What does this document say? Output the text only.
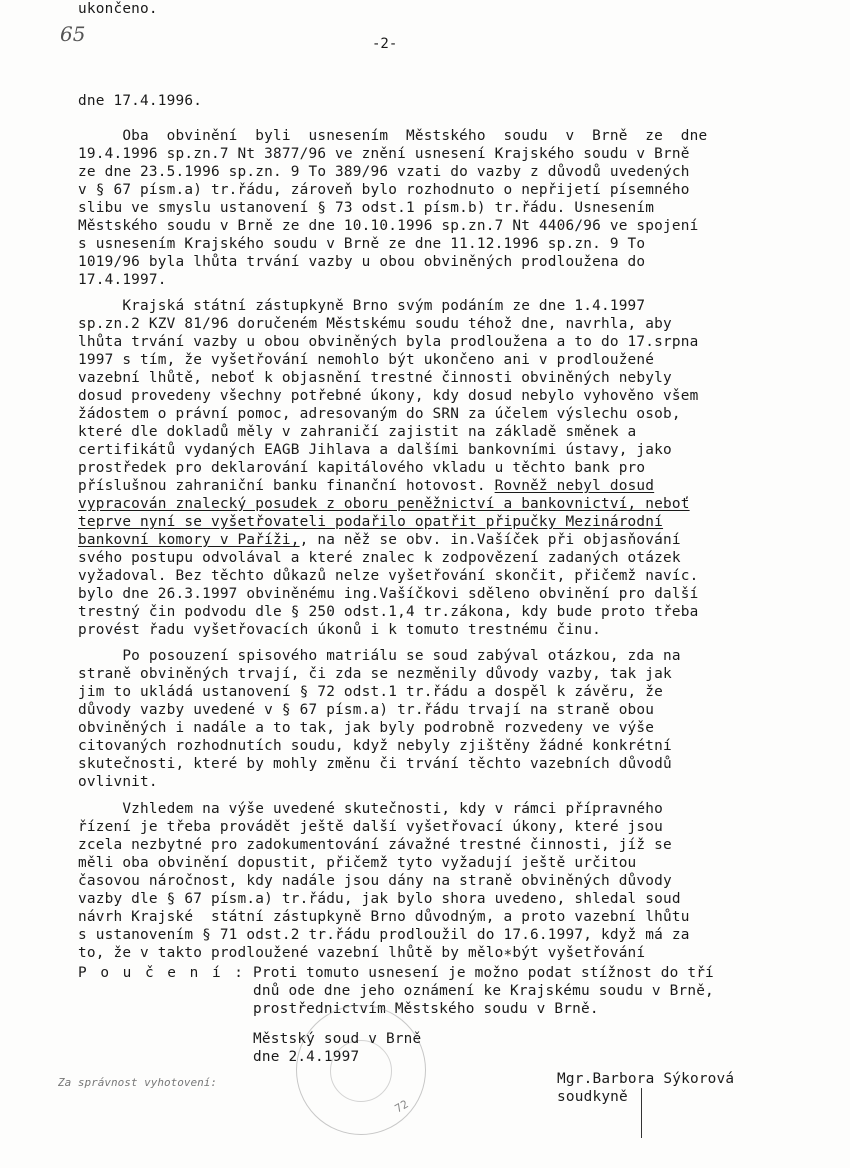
65	-2-
dne 17.4.1996.
Oba  obvinění  byli  usnesením  Městského  soudu  v  Brně  ze  dne
19.4.1996 sp.zn.7 Nt 3877/96 ve znění usnesení Krajského soudu v Brně
ze dne 23.5.1996 sp.zn. 9 To 389/96 vzati do vazby z důvodů uvedených
v § 67 písm.a) tr.řádu, zároveň bylo rozhodnuto o nepřijetí písemného
slibu ve smyslu ustanovení § 73 odst.1 písm.b) tr.řádu. Usnesením
Městského soudu v Brně ze dne 10.10.1996 sp.zn.7 Nt 4406/96 ve spojení
s usnesením Krajského soudu v Brně ze dne 11.12.1996 sp.zn. 9 To
1019/96 byla lhůta trvání vazby u obou obviněných prodloužena do
17.4.1997.
Krajská státní zástupkyně Brno svým podáním ze dne 1.4.1997
sp.zn.2 KZV 81/96 doručeném Městskému soudu téhož dne, navrhla, aby
lhůta trvání vazby u obou obviněných byla prodloužena a to do 17.srpna
1997 s tím, že vyšetřování nemohlo být ukončeno ani v prodloužené
vazební lhůtě, neboť k objasnění trestné činnosti obviněných nebyly
dosud provedeny všechny potřebné úkony, kdy dosud nebylo vyhověno všem
žádostem o právní pomoc, adresovaným do SRN za účelem výslechu osob,
které dle dokladů měly v zahraničí zajistit na základě směnek a
certifikátů vydaných EAGB Jihlava a dalšími bankovními ústavy, jako
prostředek pro deklarování kapitálového vkladu u těchto bank pro
příslušnou zahraniční banku finanční hotovost. Rovněž nebyl dosud
vypracován znalecký posudek z oboru peněžnictví a bankovnictví, neboť
teprve nyní se vyšetřovateli podařilo opatřit připučky Mezinárodní
bankovní komory v Paříži,, na něž se obv. in.Vašíček při objasňování
svého postupu odvolával a které znalec k zodpovězení zadaných otázek
vyžadoval. Bez těchto důkazů nelze vyšetřování skončit, přičemž navíc.
bylo dne 26.3.1997 obviněnému ing.Vašíčkovi sděleno obvinění pro další
trestný čin podvodu dle § 250 odst.1,4 tr.zákona, kdy bude proto třeba
provést řadu vyšetřovacích úkonů i k tomuto trestnému činu.
Po posouzení spisového matriálu se soud zabýval otázkou, zda na
straně obviněných trvají, či zda se nezměnily důvody vazby, tak jak
jim to ukládá ustanovení § 72 odst.1 tr.řádu a dospěl k závěru, že
důvody vazby uvedené v § 67 písm.a) tr.řádu trvají na straně obou
obviněných i nadále a to tak, jak byly podrobně rozvedeny ve výše
citovaných rozhodnutích soudu, když nebyly zjištěny žádné konkrétní
skutečnosti, které by mohly změnu či trvání těchto vazebních důvodů
ovlivnit.
Vzhledem na výše uvedené skutečnosti, kdy v rámci přípravného
řízení je třeba provádět ještě další vyšetřovací úkony, které jsou
zcela nezbytné pro zadokumentování závažné trestné činnosti, jíž se
měli oba obvinění dopustit, přičemž tyto vyžadují ještě určitou
časovou náročnost, kdy nadále jsou dány na straně obviněných důvody
vazby dle § 67 písm.a) tr.řádu, jak bylo shora uvedeno, shledal soud
návrh Krajské  státní zástupkyně Brno důvodným, a proto vazební lhůtu
s ustanovením § 71 odst.2 tr.řádu prodloužil do 17.6.1997, když má za
to, že v takto prodloužené vazební lhůtě by mělo∗být vyšetřování
ukončeno.
P o u č e n í : Proti tomuto usnesení je možno podat stížnost do tří
dnů ode dne jeho oznámení ke Krajskému soudu v Brně,
prostřednictvím Městského soudu v Brně.
72
Městský soud v Brně
dne 2.4.1997
Za správnost vyhotovení:	Mgr.Barbora Sýkorová
soudkyně
